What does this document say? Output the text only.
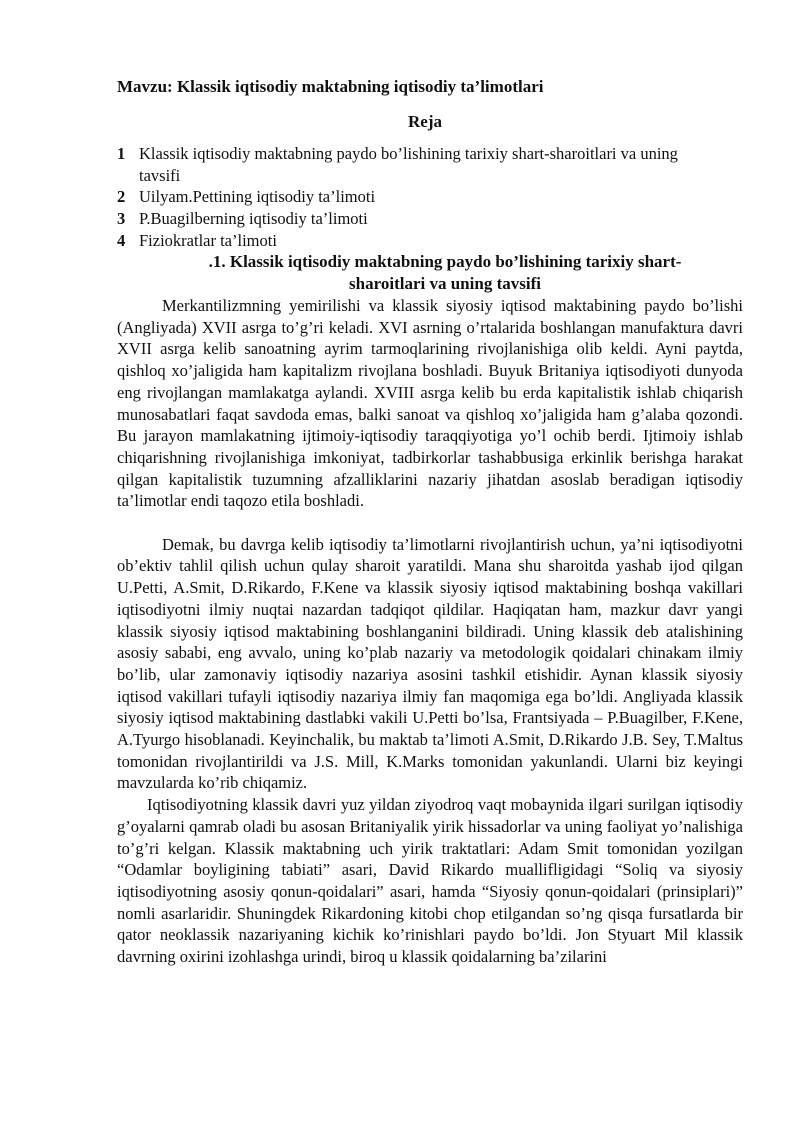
Mavzu: Klassik iqtisodiy maktabning iqtisodiy ta’limotlari
Reja
1 Klassik iqtisodiy maktabning paydo bo’lishining tarixiy shart-sharoitlari va uning tavsifi
2 Uilyam.Pettining iqtisodiy ta’limoti
3 P.Buagilberning iqtisodiy ta’limoti
4 Fiziokratlar ta’limoti
.1. Klassik iqtisodiy maktabning paydo bo’lishining tarixiy shart-sharoitlari va uning tavsifi

Merkantilizmning yemirilishi va klassik siyosiy iqtisod maktabining paydo bo’lishi (Angliyada) XVII asrga to’g’ri keladi. XVI asrning o’rtalarida boshlangan manufaktura davri XVII asrga kelib sanoatning ayrim tarmoqlarining rivojlanishiga olib keldi. Ayni paytda, qishloq xo’jaligida ham kapitalizm rivojlana boshladi. Buyuk Britaniya iqtisodiyoti dunyoda eng rivojlangan mamlakatga aylandi. XVIII asrga kelib bu erda kapitalistik ishlab chiqarish munosabatlari faqat savdoda emas, balki sanoat va qishloq xo’jaligida ham g’alaba qozondi. Bu jarayon mamlakatning ijtimoiy-iqtisodiy taraqqiyotiga yo’l ochib berdi. Ijtimoiy ishlab chiqarishning rivojlanishiga imkoniyat, tadbirkorlar tashabbusiga erkinlik berishga harakat qilgan kapitalistik tuzumning afzalliklarini nazariy jihatdan asoslab beradigan iqtisodiy ta’limotlar endi taqozo etila boshladi.

Demak, bu davrga kelib iqtisodiy ta’limotlarni rivojlantirish uchun, ya’ni iqtisodiyotni ob’ektiv tahlil qilish uchun qulay sharoit yaratildi. Mana shu sharoitda yashab ijod qilgan U.Petti, A.Smit, D.Rikardo, F.Kene va klassik siyosiy iqtisod maktabining boshqa vakillari iqtisodiyotni ilmiy nuqtai nazardan tadqiqot qildilar. Haqiqatan ham, mazkur davr yangi klassik siyosiy iqtisod maktabining boshlanganini bildiradi. Uning klassik deb atalishining asosiy sababi, eng avvalo, uning ko’plab nazariy va metodologik qoidalari chinakam ilmiy bo’lib, ular zamonaviy iqtisodiy nazariya asosini tashkil etishidir. Aynan klassik siyosiy iqtisod vakillari tufayli iqtisodiy nazariya ilmiy fan maqomiga ega bo’ldi. Angliyada klassik siyosiy iqtisod maktabining dastlabki vakili U.Petti bo’lsa, Frantsiyada – P.Buagilber, F.Kene, A.Tyurgo hisoblanadi. Keyinchalik, bu maktab ta’limoti A.Smit, D.Rikardo J.B. Sey, T.Maltus tomonidan rivojlantirildi va J.S. Mill, K.Marks tomonidan yakunlandi. Ularni biz keyingi mavzularda ko’rib chiqamiz.

Iqtisodiyotning klassik davri yuz yildan ziyodroq vaqt mobaynida ilgari surilgan iqtisodiy g’oyalarni qamrab oladi bu asosan Britaniyalik yirik hissadorlar va uning faoliyat yo’nalishiga to’g’ri kelgan. Klassik maktabning uch yirik traktatlari: Adam Smit tomonidan yozilgan “Odamlar boyligining tabiati” asari, David Rikardo muallifligidagi “Soliq va siyosiy iqtisodiyotning asosiy qonun-qoidalari” asari, hamda “Siyosiy qonun-qoidalari (prinsiplari)” nomli asarlaridir. Shuningdek Rikardoning kitobi chop etilgandan so’ng qisqa fursatlarda bir qator neoklassik nazariyaning kichik ko’rinishlari paydo bo’ldi. Jon Styuart Mil klassik davrning oxirini izohlashga urindi, biroq u klassik qoidalarning ba’zilarini
